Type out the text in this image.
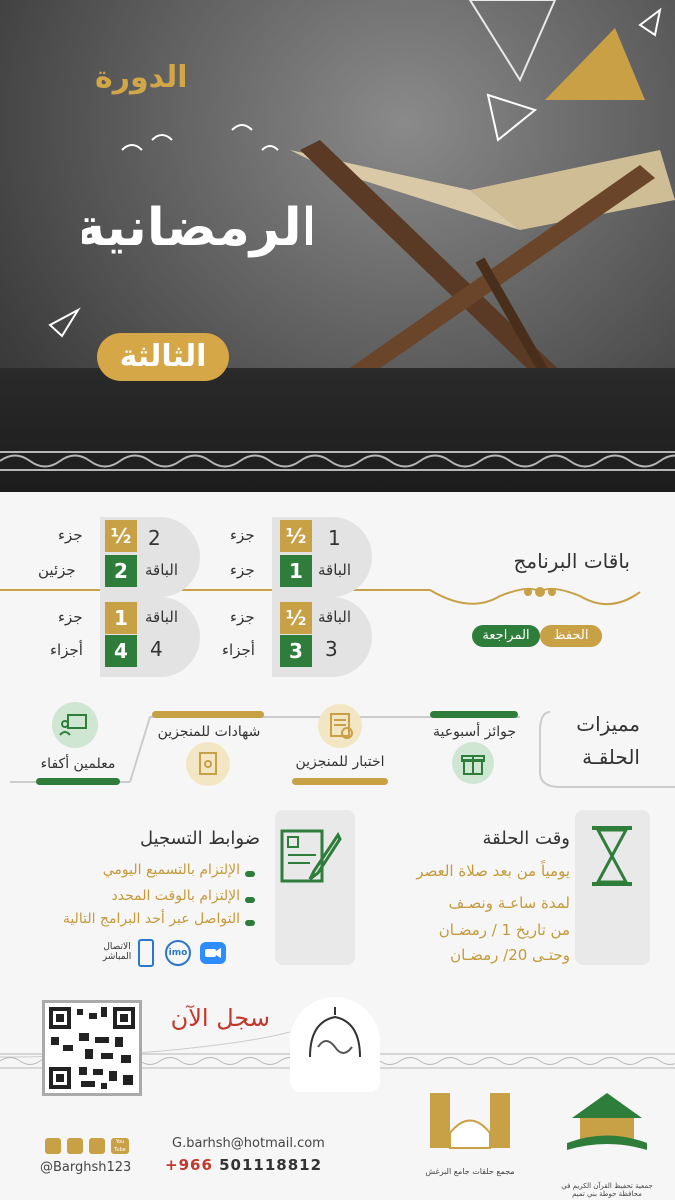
الدورة
الرمضانية
الثالثة
باقات البرنامج
الحفظ
المراجعة
½
1
جزء
جزء
1
الباقة
½
2
جزء
جزئين
2
الباقة
½
3
جزء
أجزاء
الباقة
3
1
4
جزء
أجزاء
الباقة
4
مميزات
الحلقـة
جوائز أسبوعية
اختبار للمنجزين
شهادات للمنجزين
معلمين أكفاء
وقت الحلقة
يومياً من بعد صلاة العصر
لمدة ساعـة ونصـف
من تاريخ 1 / رمضـان
وحتـى 20/ رمضـان
ضوابط التسجيل
الإلتزام بالتسميع اليومي
الإلتزام بالوقت المحدد
التواصل عبر أحد البرامج التالية
imo
الاتصال
المباشر
سجل الآن
جمعية تحفيظ القرآن الكريم في محافظة حوطة بني تميم
مجمع حلقات جامع البرغش
G.barhsh@hotmail.com
+966 501118812
You Tube
@Barghsh123
